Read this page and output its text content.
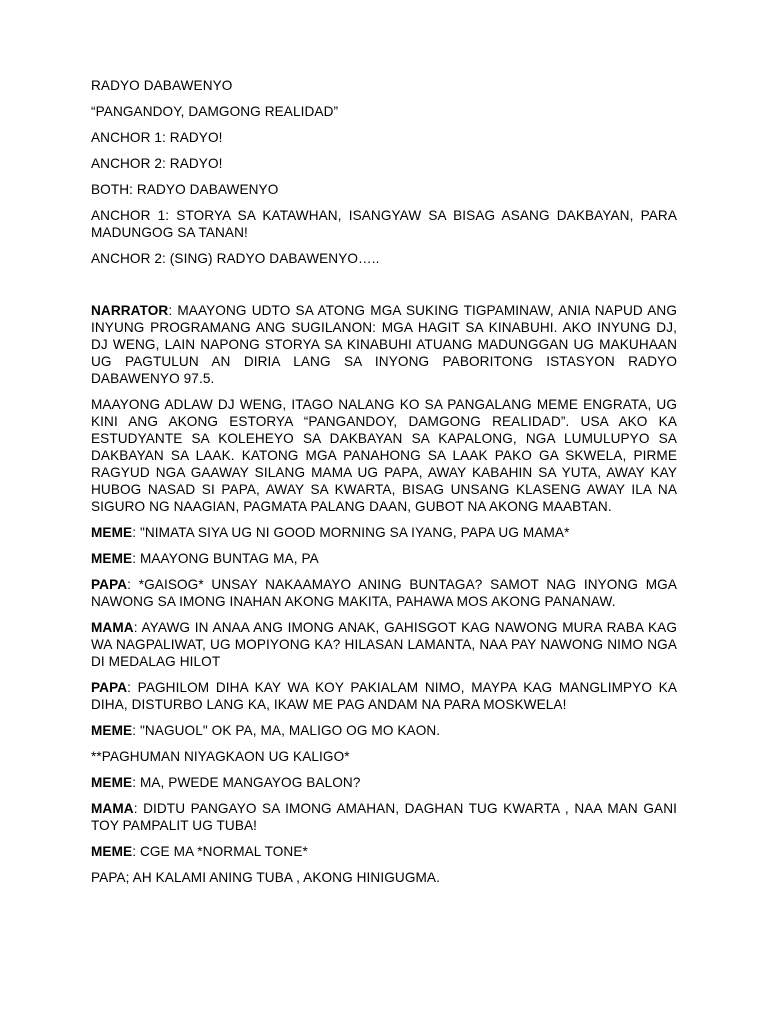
RADYO DABAWENYO

“PANGANDOY, DAMGONG REALIDAD”

ANCHOR 1: RADYO!

ANCHOR 2: RADYO!

BOTH: RADYO DABAWENYO

ANCHOR 1: STORYA SA KATAWHAN, ISANGYAW SA BISAG ASANG DAKBAYAN, PARA MADUNGOG SA TANAN!

ANCHOR 2: (SING) RADYO DABAWENYO…..

NARRATOR: MAAYONG UDTO SA ATONG MGA SUKING TIGPAMINAW, ANIA NAPUD ANG INYUNG PROGRAMANG ANG SUGILANON: MGA HAGIT SA KINABUHI. AKO INYUNG DJ, DJ WENG, LAIN NAPONG STORYA SA KINABUHI ATUANG MADUNGGAN UG MAKUHAAN UG PAGTULUN AN DIRIA LANG SA INYONG PABORITONG ISTASYON RADYO DABAWENYO 97.5.

MAAYONG ADLAW DJ WENG, ITAGO NALANG KO SA PANGALANG MEME ENGRATA, UG KINI ANG AKONG ESTORYA “PANGANDOY, DAMGONG REALIDAD”. USA AKO KA ESTUDYANTE SA KOLEHEYO SA DAKBAYAN SA KAPALONG, NGA LUMULUPYO SA DAKBAYAN SA LAAK. KATONG MGA PANAHONG SA LAAK PAKO GA SKWELA, PIRME RAGYUD NGA GAAWAY SILANG MAMA UG PAPA, AWAY KABAHIN SA YUTA, AWAY KAY HUBOG NASAD SI PAPA, AWAY SA KWARTA, BISAG UNSANG KLASENG AWAY ILA NA SIGURO NG NAAGIAN, PAGMATA PALANG DAAN, GUBOT NA AKONG MAABTAN.

MEME: "NIMATA SIYA UG NI GOOD MORNING SA IYANG, PAPA UG MAMA*

MEME: MAAYONG BUNTAG MA, PA

PAPA: *GAISOG* UNSAY NAKAAMAYO ANING BUNTAGA? SAMOT NAG INYONG MGA NAWONG SA IMONG INAHAN AKONG MAKITA, PAHAWA MOS AKONG PANANAW.

MAMA: AYAWG IN ANAA ANG IMONG ANAK, GAHISGOT KAG NAWONG MURA RABA KAG WA NAGPALIWAT, UG MOPIYONG KA? HILASAN LAMANTA, NAA PAY NAWONG NIMO NGA DI MEDALAG HILOT

PAPA: PAGHILOM DIHA KAY WA KOY PAKIALAM NIMO, MAYPA KAG MANGLIMPYO KA DIHA, DISTURBO LANG KA, IKAW ME PAG ANDAM NA PARA MOSKWELA!

MEME: "NAGUOL" OK PA, MA, MALIGO OG MO KAON.

**PAGHUMAN NIYAGKAON UG KALIGO*

MEME: MA, PWEDE MANGAYOG BALON?

MAMA: DIDTU PANGAYO SA IMONG AMAHAN, DAGHAN TUG KWARTA , NAA MAN GANI TOY PAMPALIT UG TUBA!

MEME: CGE MA *NORMAL TONE*

PAPA; AH KALAMI ANING TUBA , AKONG HINIGUGMA.
